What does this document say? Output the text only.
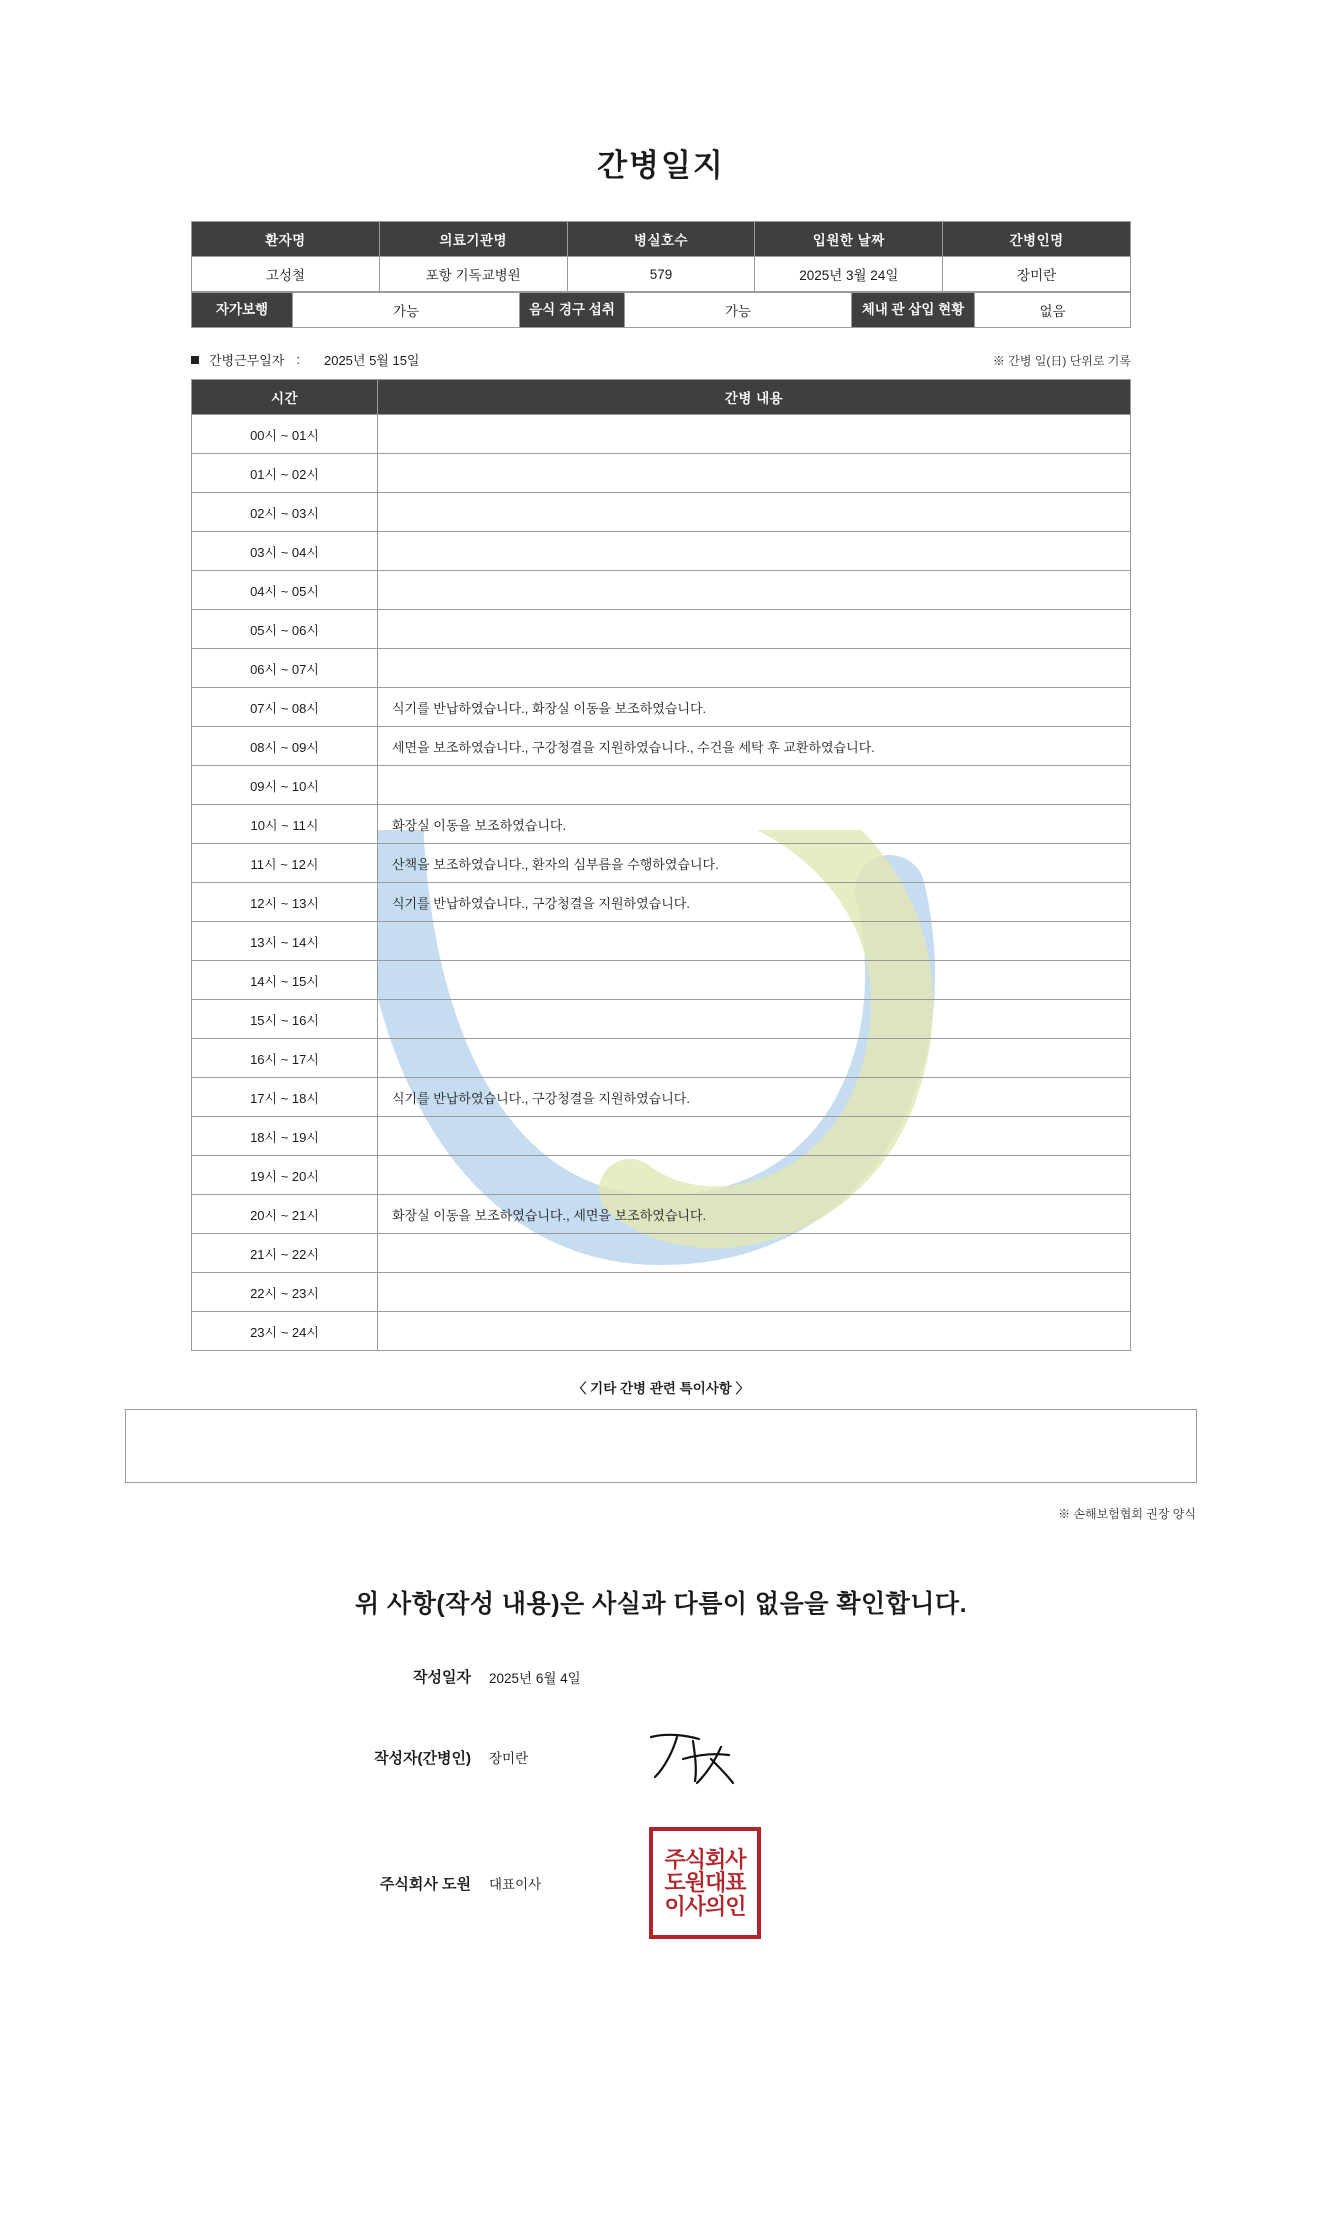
간병일지
환자명	의료기관명	병실호수	입원한 날짜	간병인명
고성철	포항 기독교병원	579	2025년 3월 24일	장미란
자가보행	가능	음식 경구 섭취	가능	체내 관 삽입 현황	없음
간병근무일자 : 2025년 5월 15일	※ 간병 일(日) 단위로 기록
시간	간병 내용
00시 ~ 01시	
01시 ~ 02시	
02시 ~ 03시	
03시 ~ 04시	
04시 ~ 05시	
05시 ~ 06시	
06시 ~ 07시	
07시 ~ 08시	식기를 반납하였습니다., 화장실 이동을 보조하였습니다.
08시 ~ 09시	세면을 보조하였습니다., 구강청결을 지원하였습니다., 수건을 세탁 후 교환하였습니다.
09시 ~ 10시	
10시 ~ 11시	화장실 이동을 보조하였습니다.
11시 ~ 12시	산책을 보조하였습니다., 환자의 심부름을 수행하였습니다.
12시 ~ 13시	식기를 반납하였습니다., 구강청결을 지원하였습니다.
13시 ~ 14시	
14시 ~ 15시	
15시 ~ 16시	
16시 ~ 17시	
17시 ~ 18시	식기를 반납하였습니다., 구강청결을 지원하였습니다.
18시 ~ 19시	
19시 ~ 20시	
20시 ~ 21시	화장실 이동을 보조하였습니다., 세면을 보조하였습니다.
21시 ~ 22시	
22시 ~ 23시	
23시 ~ 24시	
〈 기타 간병 관련 특이사항 〉
※ 손해보험협회 권장 양식
위 사항(작성 내용)은 사실과 다름이 없음을 확인합니다.
작성일자	2025년 6월 4일
작성자(간병인)	장미란
주식회사 도원	대표이사
주식회사
도원대표
이사의인
